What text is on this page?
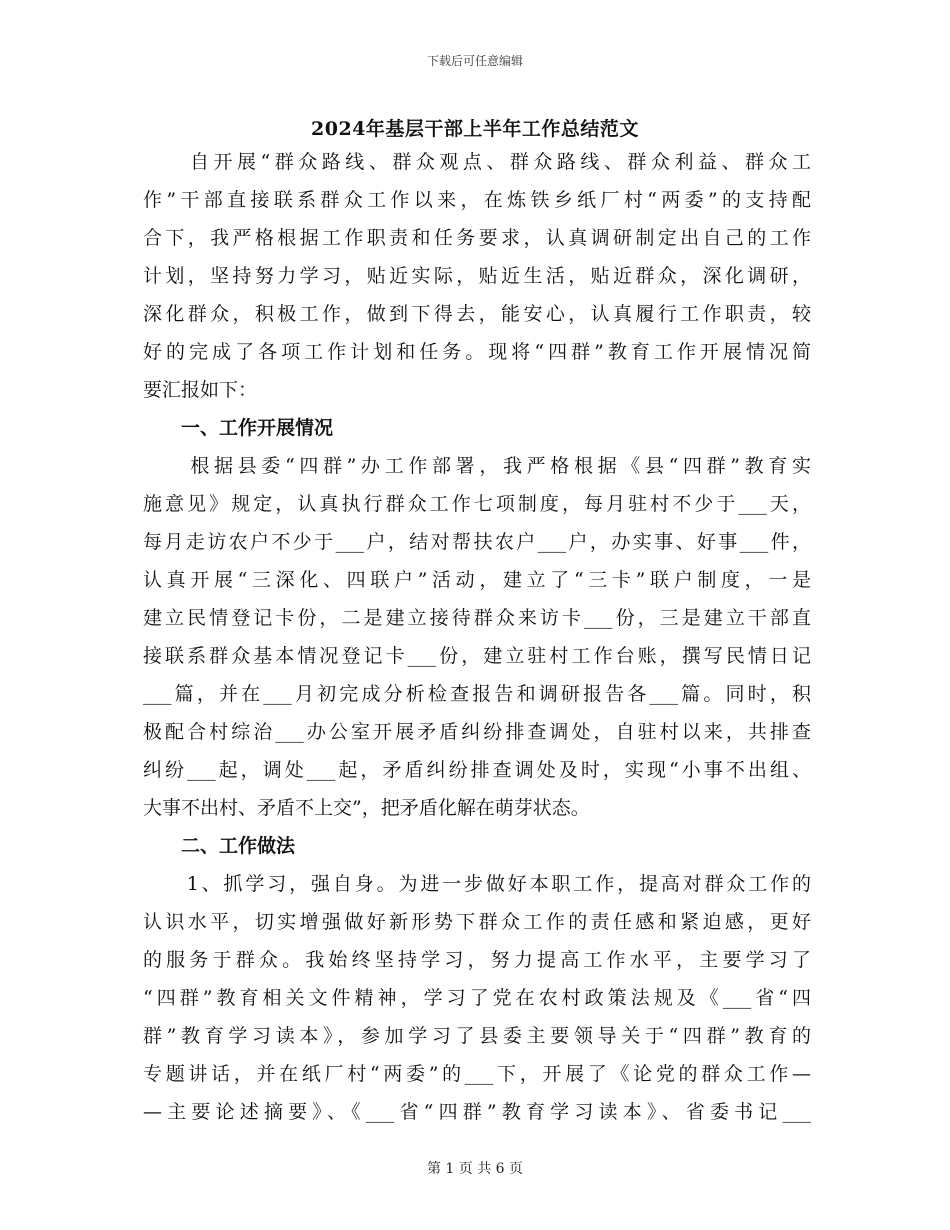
下载后可任意编辑
2024年基层干部上半年工作总结范文
　　自开展“群众路线、群众观点、群众路线、群众利益、群众工
作”干部直接联系群众工作以来，在炼铁乡纸厂村“两委”的支持配
合下，我严格根据工作职责和任务要求，认真调研制定出自己的工作
计划，坚持努力学习，贴近实际，贴近生活，贴近群众，深化调研，
深化群众，积极工作，做到下得去，能安心，认真履行工作职责，较
好的完成了各项工作计划和任务。现将“四群”教育工作开展情况简
要汇报如下：
　　一、工作开展情况
　　根据县委“四群”办工作部署，我严格根据《县“四群”教育实
施意见》规定，认真执行群众工作七项制度，每月驻村不少于___天，
每月走访农户不少于___户，结对帮扶农户___户，办实事、好事___件，
认真开展“三深化、四联户”活动，建立了“三卡”联户制度，一是
建立民情登记卡份，二是建立接待群众来访卡___份，三是建立干部直
接联系群众基本情况登记卡___份，建立驻村工作台账，撰写民情日记
___篇，并在___月初完成分析检查报告和调研报告各___篇。同时，积
极配合村综治___办公室开展矛盾纠纷排查调处，自驻村以来，共排查
纠纷___起，调处___起，矛盾纠纷排查调处及时，实现“小事不出组、
大事不出村、矛盾不上交”，把矛盾化解在萌芽状态。
　　二、工作做法
　　1、抓学习，强自身。为进一步做好本职工作，提高对群众工作的
认识水平，切实增强做好新形势下群众工作的责任感和紧迫感，更好
的服务于群众。我始终坚持学习，努力提高工作水平，主要学习了
“四群”教育相关文件精神，学习了党在农村政策法规及《___省“四
群”教育学习读本》，参加学习了县委主要领导关于“四群”教育的
专题讲话，并在纸厂村“两委”的___下，开展了《论党的群众工作—
—主要论述摘要》、《___省“四群”教育学习读本》、省委书记___
第 1 页 共 6 页
